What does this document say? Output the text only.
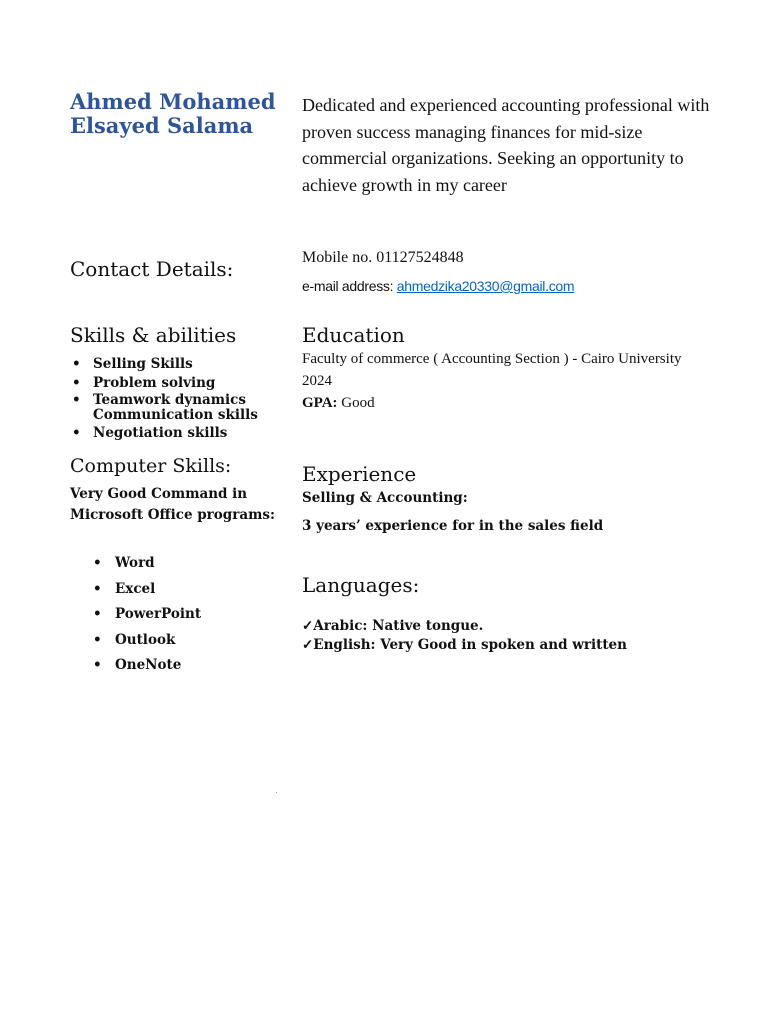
Ahmed Mohamed
Elsayed Salama
Dedicated and experienced accounting professional with proven success managing finances for mid-size commercial organizations. Seeking an opportunity to achieve growth in my career
Contact Details:	Mobile no. 01127524848
e-mail address: ahmedzika20330@gmail.com
Skills & abilities
• Selling Skills
• Problem solving
• Teamwork dynamics Communication skills
• Negotiation skills
Computer Skills:
Very Good Command in Microsoft Office programs:
• Word
• Excel
• PowerPoint
• Outlook
• OneNote
Education
Faculty of commerce ( Accounting Section ) - Cairo University
2024
GPA: Good
Experience
Selling & Accounting:
3 years’ experience for in the sales field
Languages:
✓Arabic: Native tongue.
✓English: Very Good in spoken and written
